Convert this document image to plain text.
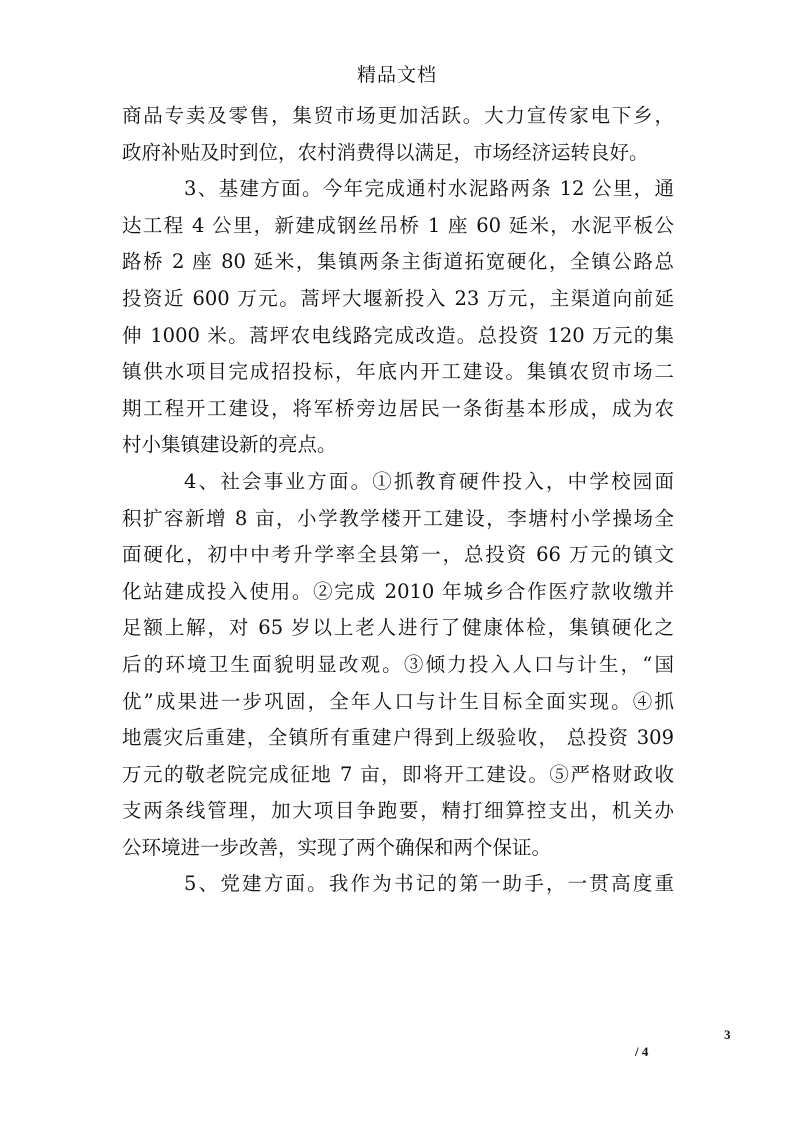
精品文档
商品专卖及零售，集贸市场更加活跃。大力宣传家电下乡，
政府补贴及时到位，农村消费得以满足，市场经济运转良好。
3、基建方面。今年完成通村水泥路两条 12 公里，通
达工程 4 公里，新建成钢丝吊桥 1 座 60 延米，水泥平板公
路桥 2 座 80 延米，集镇两条主街道拓宽硬化，全镇公路总
投资近 600 万元。蒿坪大堰新投入 23 万元，主渠道向前延
伸 1000 米。蒿坪农电线路完成改造。总投资 120 万元的集
镇供水项目完成招投标，年底内开工建设。集镇农贸市场二
期工程开工建设，将军桥旁边居民一条街基本形成，成为农
村小集镇建设新的亮点。
4、社会事业方面。①抓教育硬件投入，中学校园面
积扩容新增 8 亩，小学教学楼开工建设，李塘村小学操场全
面硬化，初中中考升学率全县第一，总投资 66 万元的镇文
化站建成投入使用。②完成 2010 年城乡合作医疗款收缴并
足额上解，对 65 岁以上老人进行了健康体检，集镇硬化之
后的环境卫生面貌明显改观。③倾力投入人口与计生，“国
优”成果进一步巩固，全年人口与计生目标全面实现。④抓
地震灾后重建，全镇所有重建户得到上级验收， 总投资 309
万元的敬老院完成征地 7 亩，即将开工建设。⑤严格财政收
支两条线管理，加大项目争跑要，精打细算控支出，机关办
公环境进一步改善，实现了两个确保和两个保证。
5、党建方面。我作为书记的第一助手，一贯高度重
3
/ 4
